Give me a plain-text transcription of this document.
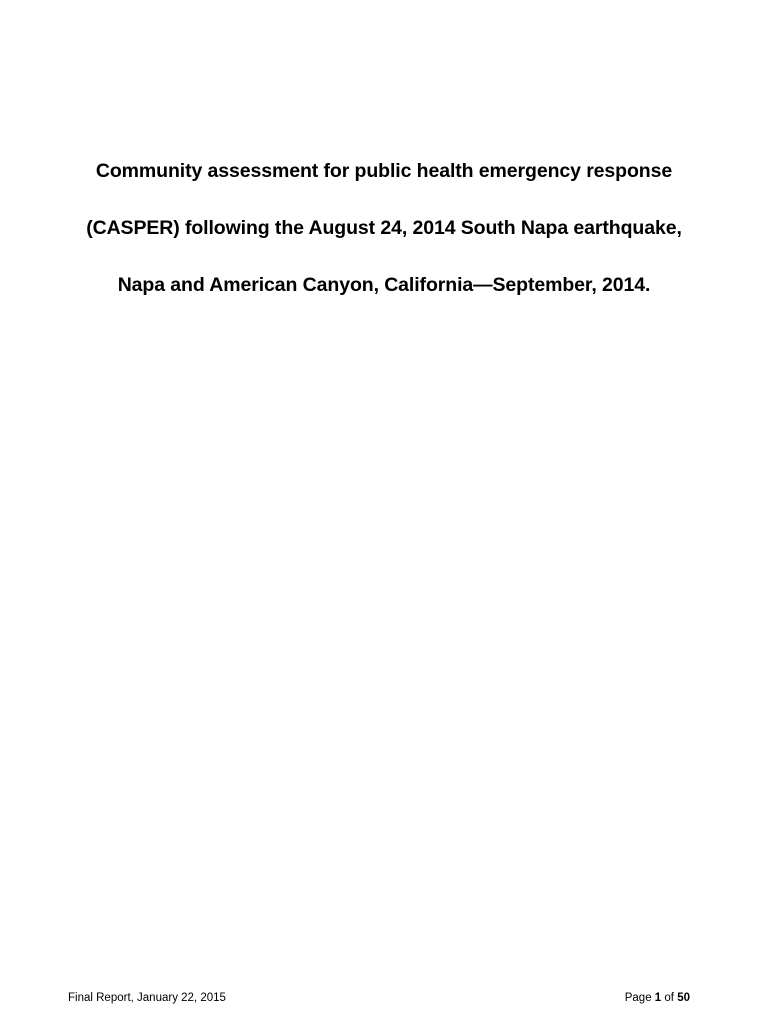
Community assessment for public health emergency response
(CASPER) following the August 24, 2014 South Napa earthquake,
Napa and American Canyon, California—September, 2014.
Final Report, January 22, 2015	Page 1 of 50
